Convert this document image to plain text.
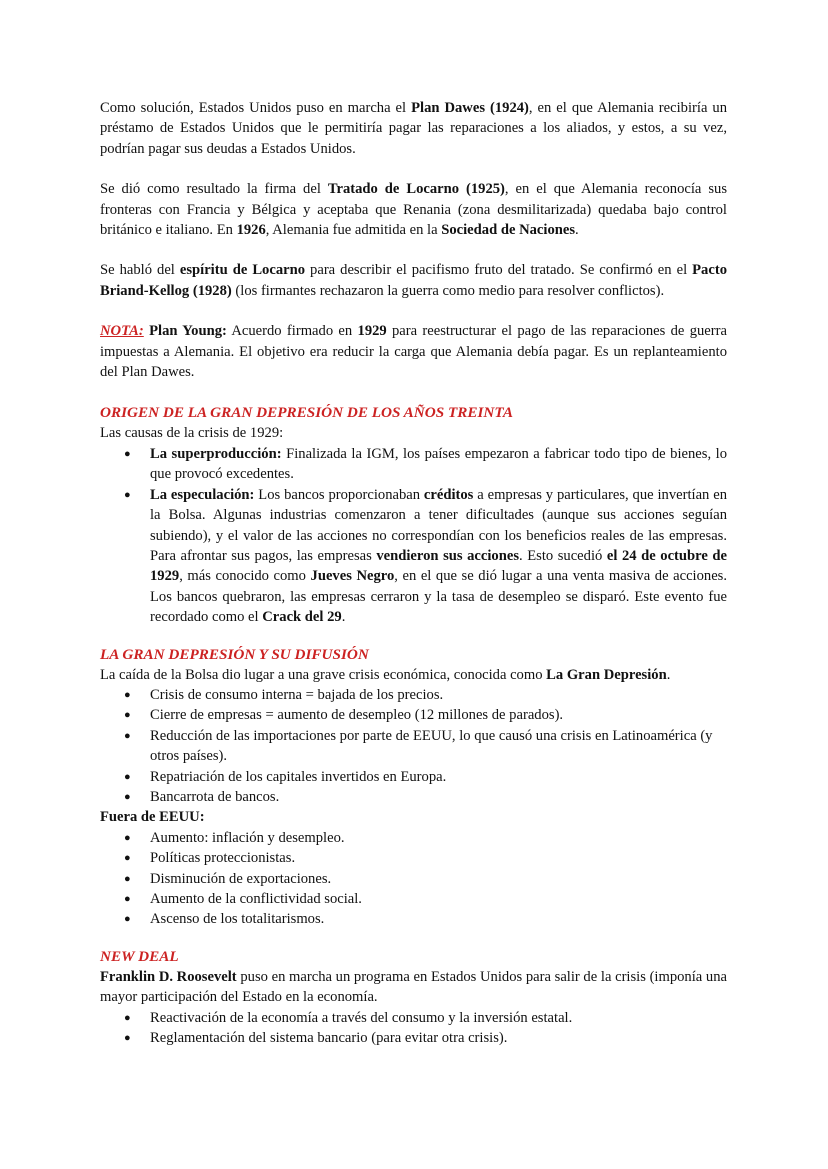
Como solución, Estados Unidos puso en marcha el Plan Dawes (1924), en el que Alemania recibiría un préstamo de Estados Unidos que le permitiría pagar las reparaciones a los aliados, y estos, a su vez, podrían pagar sus deudas a Estados Unidos.

Se dió como resultado la firma del Tratado de Locarno (1925), en el que Alemania reconocía sus fronteras con Francia y Bélgica y aceptaba que Renania (zona desmilitarizada) quedaba bajo control británico e italiano. En 1926, Alemania fue admitida en la Sociedad de Naciones.

Se habló del espíritu de Locarno para describir el pacifismo fruto del tratado. Se confirmó en el Pacto Briand-Kellog (1928) (los firmantes rechazaron la guerra como medio para resolver conflictos).

NOTA: Plan Young: Acuerdo firmado en 1929 para reestructurar el pago de las reparaciones de guerra impuestas a Alemania. El objetivo era reducir la carga que Alemania debía pagar. Es un replanteamiento del Plan Dawes.

ORIGEN DE LA GRAN DEPRESIÓN DE LOS AÑOS TREINTA

Las causas de la crisis de 1929:

● La superproducción: Finalizada la IGM, los países empezaron a fabricar todo tipo de bienes, lo que provocó excedentes.
● La especulación: Los bancos proporcionaban créditos a empresas y particulares, que invertían en la Bolsa. Algunas industrias comenzaron a tener dificultades (aunque sus acciones seguían subiendo), y el valor de las acciones no correspondían con los beneficios reales de las empresas. Para afrontar sus pagos, las empresas vendieron sus acciones. Esto sucedió el 24 de octubre de 1929, más conocido como Jueves Negro, en el que se dió lugar a una venta masiva de acciones. Los bancos quebraron, las empresas cerraron y la tasa de desempleo se disparó. Este evento fue recordado como el Crack del 29.

LA GRAN DEPRESIÓN Y SU DIFUSIÓN

La caída de la Bolsa dio lugar a una grave crisis económica, conocida como La Gran Depresión.

● Crisis de consumo interna = bajada de los precios.
● Cierre de empresas = aumento de desempleo (12 millones de parados).
● Reducción de las importaciones por parte de EEUU, lo que causó una crisis en Latinoamérica (y otros países).
● Repatriación de los capitales invertidos en Europa.
● Bancarrota de bancos.

Fuera de EEUU:

● Aumento: inflación y desempleo.
● Políticas proteccionistas.
● Disminución de exportaciones.
● Aumento de la conflictividad social.
● Ascenso de los totalitarismos.

NEW DEAL

Franklin D. Roosevelt puso en marcha un programa en Estados Unidos para salir de la crisis (imponía una mayor participación del Estado en la economía.

● Reactivación de la economía a través del consumo y la inversión estatal.
● Reglamentación del sistema bancario (para evitar otra crisis).
